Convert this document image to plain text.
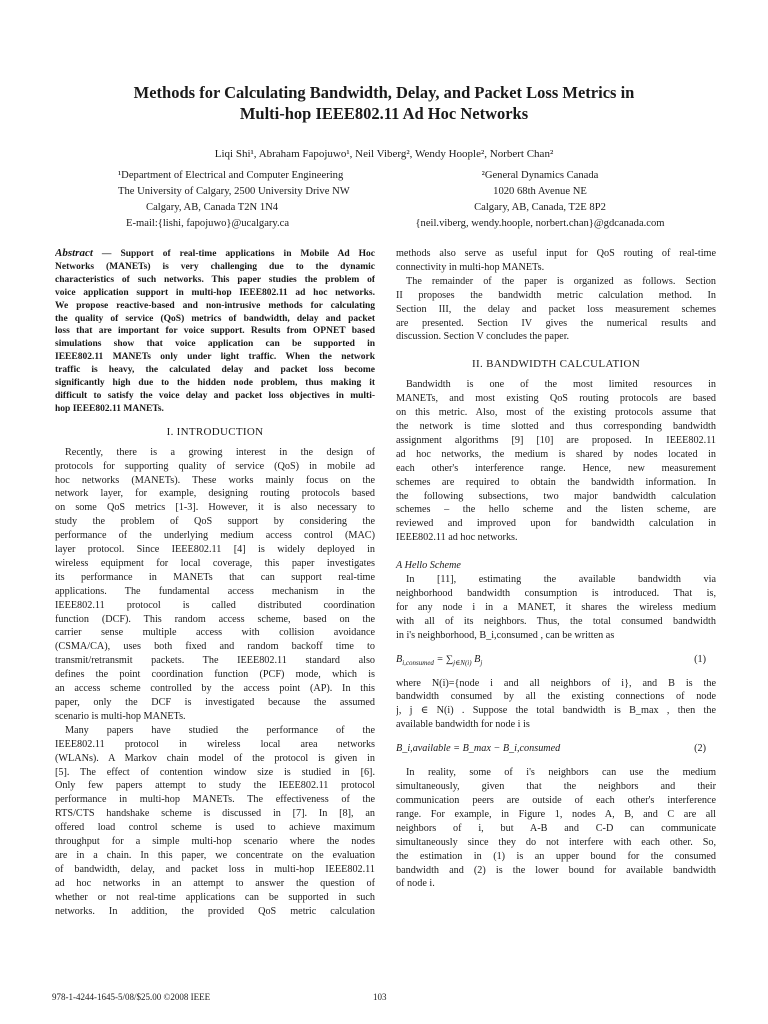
Methods for Calculating Bandwidth, Delay, and Packet Loss Metrics in
Multi-hop IEEE802.11 Ad Hoc Networks
Liqi Shi¹, Abraham Fapojuwo¹, Neil Viberg², Wendy Hoople², Norbert Chan²
¹Department of Electrical and Computer Engineering
The University of Calgary, 2500 University Drive NW
Calgary, AB, Canada T2N 1N4
E-mail:{lishi, fapojuwo}@ucalgary.ca
²General Dynamics Canada
1020 68th Avenue NE
Calgary, AB, Canada, T2E 8P2
{neil.viberg, wendy.hoople, norbert.chan}@gdcanada.com
Abstract — Support of real-time applications in Mobile Ad Hoc
Networks (MANETs) is very challenging due to the dynamic
characteristics of such networks. This paper studies the problem of
voice application support in multi-hop IEEE802.11 ad hoc networks.
We propose reactive-based and non-intrusive methods for calculating
the quality of service (QoS) metrics of bandwidth, delay and packet
loss that are important for voice support. Results from OPNET based
simulations show that voice application can be supported in
IEEE802.11 MANETs only under light traffic. When the network
traffic is heavy, the calculated delay and packet loss become
significantly high due to the hidden node problem, thus making it
difficult to satisfy the voice delay and packet loss objectives in multi-
hop IEEE802.11 MANETs.
I. INTRODUCTION
Recently, there is a growing interest in the design of
protocols for supporting quality of service (QoS) in mobile ad
hoc networks (MANETs). These works mainly focus on the
network layer, for example, designing routing protocols based
on some QoS metrics [1-3]. However, it is also necessary to
study the problem of QoS support by considering the
performance of the underlying medium access control (MAC)
layer protocol. Since IEEE802.11 [4] is widely deployed in
wireless equipment for local coverage, this paper investigates
its performance in MANETs that can support real-time
applications. The fundamental access mechanism in the
IEEE802.11 protocol is called distributed coordination
function (DCF). This random access scheme, based on the
carrier sense multiple access with collision avoidance
(CSMA/CA), uses both fixed and random backoff time to
transmit/retransmit packets. The IEEE802.11 standard also
defines the point coordination function (PCF) mode, which is
an access scheme controlled by the access point (AP). In this
paper, only the DCF is investigated because the assumed
scenario is multi-hop MANETs.
Many papers have studied the performance of the
IEEE802.11 protocol in wireless local area networks
(WLANs). A Markov chain model of the protocol is given in
[5]. The effect of contention window size is studied in [6].
Only few papers attempt to study the IEEE802.11 protocol
performance in multi-hop MANETs. The effectiveness of the
RTS/CTS handshake scheme is discussed in [7]. In [8], an
offered load control scheme is used to achieve maximum
throughput for a simple multi-hop scenario where the nodes
are in a chain. In this paper, we concentrate on the evaluation
of bandwidth, delay, and packet loss in multi-hop IEEE802.11
ad hoc networks in an attempt to answer the question of
whether or not real-time applications can be supported in such
networks. In addition, the provided QoS metric calculation
methods also serve as useful input for QoS routing of real-time
connectivity in multi-hop MANETs.
The remainder of the paper is organized as follows. Section
II proposes the bandwidth metric calculation method. In
Section III, the delay and packet loss measurement schemes
are presented. Section IV gives the numerical results and
discussion. Section V concludes the paper.
II. BANDWIDTH CALCULATION
Bandwidth is one of the most limited resources in
MANETs, and most existing QoS routing protocols are based
on this metric. Also, most of the existing protocols assume that
the network is time slotted and thus corresponding bandwidth
assignment algorithms [9] [10] are proposed. In IEEE802.11
ad hoc networks, the medium is shared by nodes located in
each other's interference range. Hence, new measurement
schemes are required to obtain the bandwidth information. In
the following subsections, two major bandwidth calculation
schemes – the hello scheme and the listen scheme, are
reviewed and improved upon for bandwidth calculation in
IEEE802.11 ad hoc networks.
A Hello Scheme
In [11], estimating the available bandwidth via
neighborhood bandwidth consumption is introduced. That is,
for any node i in a MANET, it shares the wireless medium
with all of its neighbors. Thus, the total consumed bandwidth
in i's neighborhood, B_i,consumed , can be written as
$B_{i,consumed} = \sum_{j\in N(i)}$ $B_j$	(1)
where N(i)={node i and all neighbors of i}, and B is the
bandwidth consumed by all the existing connections of node
j, j ∈ N(i) . Suppose the total bandwidth is B_max , then the
available bandwidth for node i is
B_i,available = B_max − B_i,consumed	(2)
In reality, some of i's neighbors can use the medium
simultaneously, given that the neighbors and their
communication peers are outside of each other's interference
range. For example, in Figure 1, nodes A, B, and C are all
neighbors of i, but A-B and C-D can communicate
simultaneously since they do not interfere with each other. So,
the estimation in (1) is an upper bound for the consumed
bandwidth and (2) is the lower bound for available bandwidth
of node i.
978-1-4244-1645-5/08/$25.00 ©2008 IEEE	103
